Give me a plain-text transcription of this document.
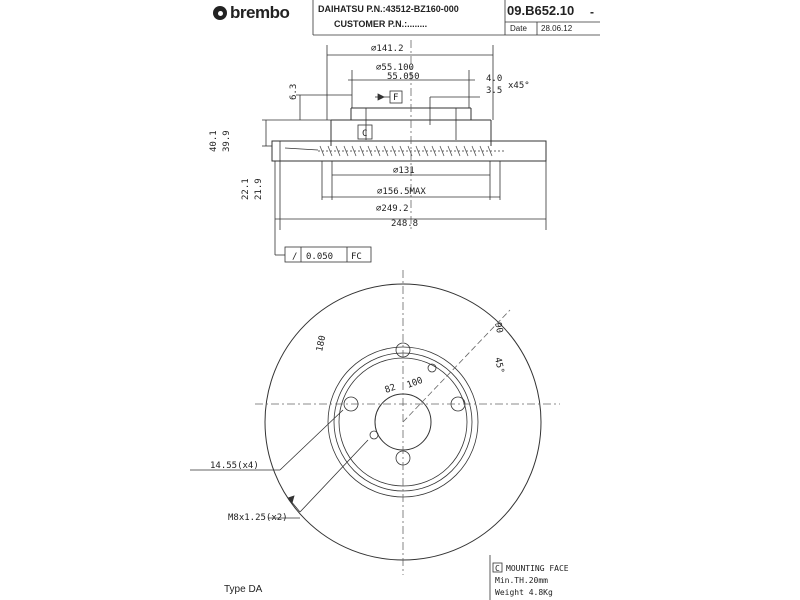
brembo	DAIHATSU P.N.:43512-BZ160-000
CUSTOMER P.N.:........
09.B652.10 -
Date 28.06.12
∅141.2
∅55.100
55.050	4.0
3.5 x45°
F
C
∅131
∅156.5MAX
∅249.2
248.8
/ 0.050 FC
6.3
40.1 39.9
22.1 21.9
180
90
45°
82 100
14.55(x4)
M8x1.25(x2)
Type DA
C MOUNTING FACE
Min.TH.20mm
Weight 4.8Kg
